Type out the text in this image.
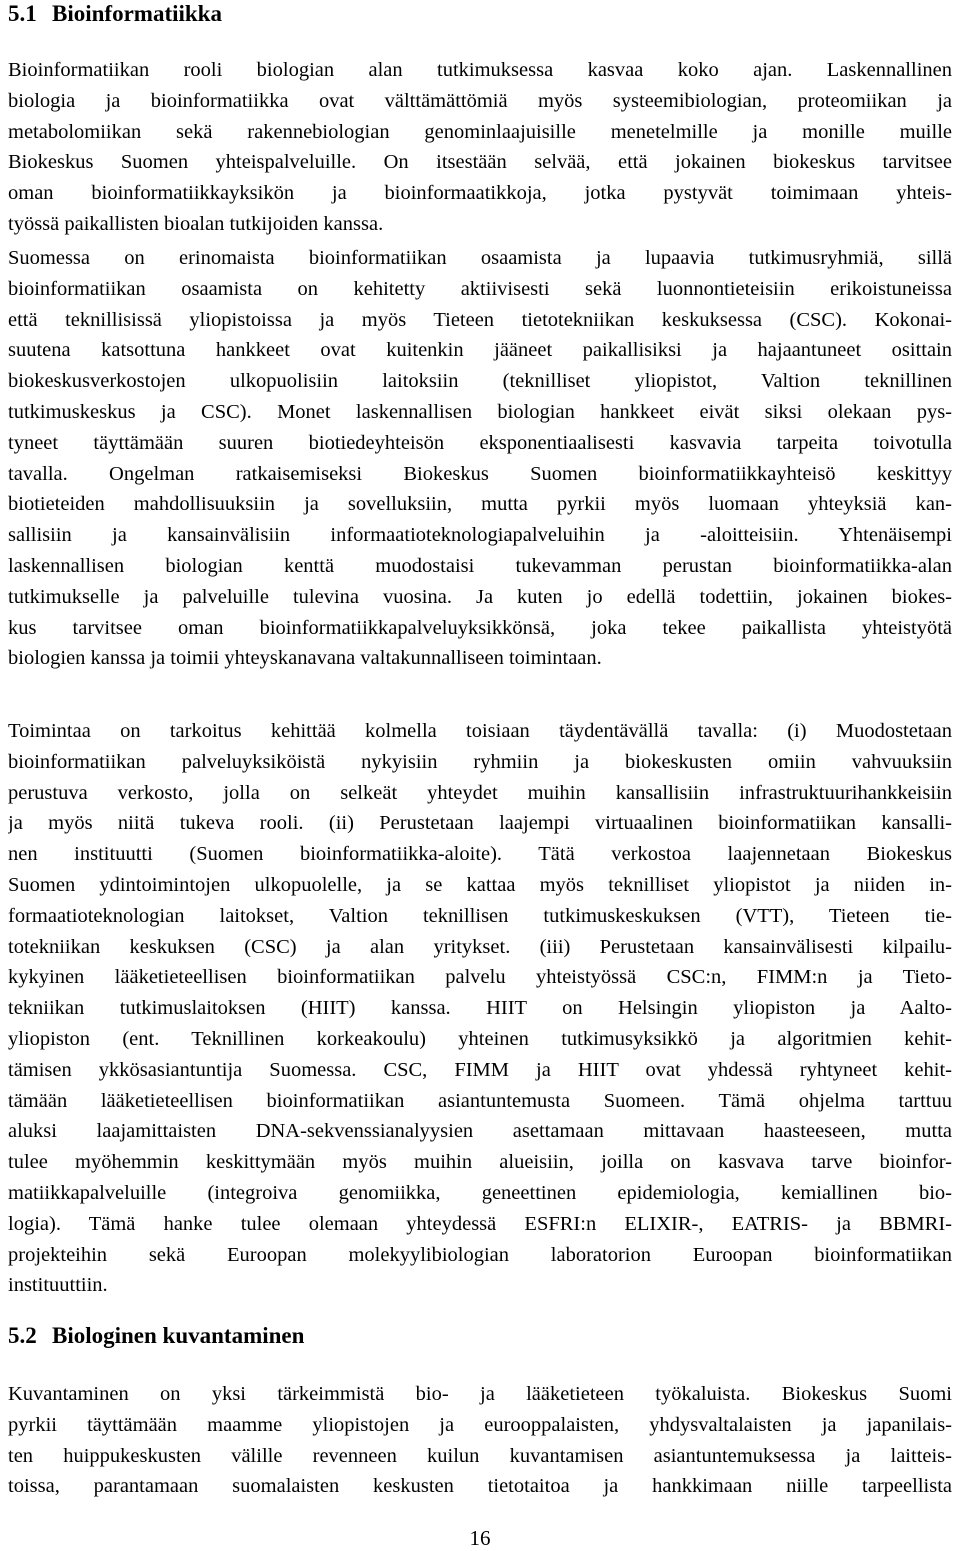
5.1 Bioinformatiikka

Bioinformatiikan rooli biologian alan tutkimuksessa kasvaa koko ajan. Laskennallinen
biologia ja bioinformatiikka ovat välttämättömiä myös systeemibiologian, proteomiikan ja
metabolomiikan sekä rakennebiologian genominlaajuisille menetelmille ja monille muille
Biokeskus Suomen yhteispalveluille. On itsestään selvää, että jokainen biokeskus tarvitsee
oman bioinformatiikkayksikön ja bioinformaatikkoja, jotka pystyvät toimimaan yhteis-
työssä paikallisten bioalan tutkijoiden kanssa.

Suomessa on erinomaista bioinformatiikan osaamista ja lupaavia tutkimusryhmiä, sillä
bioinformatiikan osaamista on kehitetty aktiivisesti sekä luonnontieteisiin erikoistuneissa
että teknillisissä yliopistoissa ja myös Tieteen tietotekniikan keskuksessa (CSC). Kokonai-
suutena katsottuna hankkeet ovat kuitenkin jääneet paikallisiksi ja hajaantuneet osittain
biokeskusverkostojen ulkopuolisiin laitoksiin (teknilliset yliopistot, Valtion teknillinen
tutkimuskeskus ja CSC). Monet laskennallisen biologian hankkeet eivät siksi olekaan pys-
tyneet täyttämään suuren biotiedeyhteisön eksponentiaalisesti kasvavia tarpeita toivotulla
tavalla. Ongelman ratkaisemiseksi Biokeskus Suomen bioinformatiikkayhteisö keskittyy
biotieteiden mahdollisuuksiin ja sovelluksiin, mutta pyrkii myös luomaan yhteyksiä kan-
sallisiin ja kansainvälisiin informaatioteknologiapalveluihin ja -aloitteisiin. Yhtenäisempi
laskennallisen biologian kenttä muodostaisi tukevamman perustan bioinformatiikka-alan
tutkimukselle ja palveluille tulevina vuosina. Ja kuten jo edellä todettiin, jokainen biokes-
kus tarvitsee oman bioinformatiikkapalveluyksikkönsä, joka tekee paikallista yhteistyötä
biologien kanssa ja toimii yhteyskanavana valtakunnalliseen toimintaan.

Toimintaa on tarkoitus kehittää kolmella toisiaan täydentävällä tavalla: (i) Muodostetaan
bioinformatiikan palveluyksiköistä nykyisiin ryhmiin ja biokeskusten omiin vahvuuksiin
perustuva verkosto, jolla on selkeät yhteydet muihin kansallisiin infrastruktuurihankkeisiin
ja myös niitä tukeva rooli. (ii) Perustetaan laajempi virtuaalinen bioinformatiikan kansalli-
nen instituutti (Suomen bioinformatiikka-aloite). Tätä verkostoa laajennetaan Biokeskus
Suomen ydintoimintojen ulkopuolelle, ja se kattaa myös teknilliset yliopistot ja niiden in-
formaatioteknologian laitokset, Valtion teknillisen tutkimuskeskuksen (VTT), Tieteen tie-
totekniikan keskuksen (CSC) ja alan yritykset. (iii) Perustetaan kansainvälisesti kilpailu-
kykyinen lääketieteellisen bioinformatiikan palvelu yhteistyössä CSC:n, FIMM:n ja Tieto-
tekniikan tutkimuslaitoksen (HIIT) kanssa. HIIT on Helsingin yliopiston ja Aalto-
yliopiston (ent. Teknillinen korkeakoulu) yhteinen tutkimusyksikkö ja algoritmien kehit-
tämisen ykkösasiantuntija Suomessa. CSC, FIMM ja HIIT ovat yhdessä ryhtyneet kehit-
tämään lääketieteellisen bioinformatiikan asiantuntemusta Suomeen. Tämä ohjelma tarttuu
aluksi laajamittaisten DNA-sekvenssianalyysien asettamaan mittavaan haasteeseen, mutta
tulee myöhemmin keskittymään myös muihin alueisiin, joilla on kasvava tarve bioinfor-
matiikkapalveluille (integroiva genomiikka, geneettinen epidemiologia, kemiallinen bio-
logia). Tämä hanke tulee olemaan yhteydessä ESFRI:n ELIXIR-, EATRIS- ja BBMRI-
projekteihin sekä Euroopan molekyylibiologian laboratorion Euroopan bioinformatiikan
instituuttiin.

5.2 Biologinen kuvantaminen

Kuvantaminen on yksi tärkeimmistä bio- ja lääketieteen työkaluista. Biokeskus Suomi
pyrkii täyttämään maamme yliopistojen ja eurooppalaisten, yhdysvaltalaisten ja japanilais-
ten huippukeskusten välille revenneen kuilun kuvantamisen asiantuntemuksessa ja laitteis-
toissa, parantamaan suomalaisten keskusten tietotaitoa ja hankkimaan niille tarpeellista

16
